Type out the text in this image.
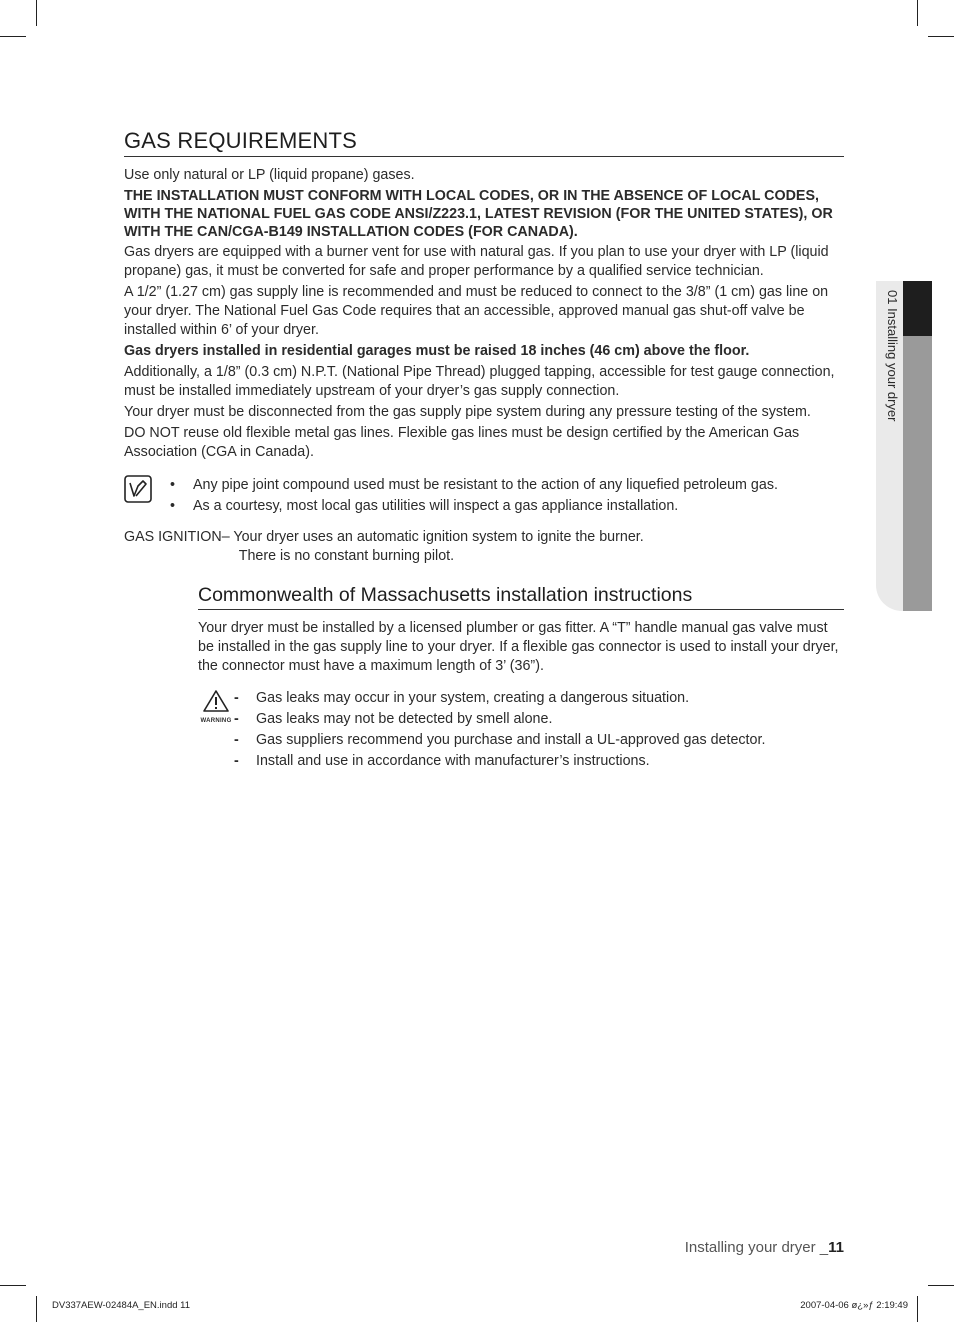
01 Installing your dryer
GAS REQUIREMENTS

Use only natural or LP (liquid propane) gases.

THE INSTALLATION MUST CONFORM WITH LOCAL CODES, OR IN THE ABSENCE OF LOCAL CODES, WITH THE NATIONAL FUEL GAS CODE ANSI/Z223.1, LATEST REVISION (FOR THE UNITED STATES), OR WITH THE CAN/CGA-B149 INSTALLATION CODES (FOR CANADA).

Gas dryers are equipped with a burner vent for use with natural gas. If you plan to use your dryer with LP (liquid propane) gas, it must be converted for safe and proper performance by a qualified service technician.

A 1/2” (1.27 cm) gas supply line is recommended and must be reduced to connect to the 3/8” (1 cm) gas line on your dryer. The National Fuel Gas Code requires that an accessible, approved manual gas shut-off valve be installed within 6’ of your dryer.

Gas dryers installed in residential garages must be raised 18 inches (46 cm) above the floor.

Additionally, a 1/8” (0.3 cm) N.P.T. (National Pipe Thread) plugged tapping, accessible for test gauge connection, must be installed immediately upstream of your dryer’s gas supply connection.

Your dryer must be disconnected from the gas supply pipe system during any pressure testing of the system.

DO NOT reuse old flexible metal gas lines. Flexible gas lines must be design certified by the American Gas Association (CGA in Canada).

• Any pipe joint compound used must be resistant to the action of any liquefied petroleum gas.
• As a courtesy, most local gas utilities will inspect a gas appliance installation.
GAS IGNITION – Your dryer uses an automatic ignition system to ignite the burner.
There is no constant burning pilot.
Commonwealth of Massachusetts installation instructions

Your dryer must be installed by a licensed plumber or gas fitter. A “T” handle manual gas valve must be installed in the gas supply line to your dryer. If a flexible gas connector is used to install your dryer, the connector must have a maximum length of 3’ (36”).

WARNING
- Gas leaks may occur in your system, creating a dangerous situation.
- Gas leaks may not be detected by smell alone.
- Gas suppliers recommend you purchase and install a UL-approved gas detector.
- Install and use in accordance with manufacturer’s instructions.
Installing your dryer _11
DV337AEW-02484A_EN.indd 11	2007-04-06 ø¿»ƒ 2:19:49
